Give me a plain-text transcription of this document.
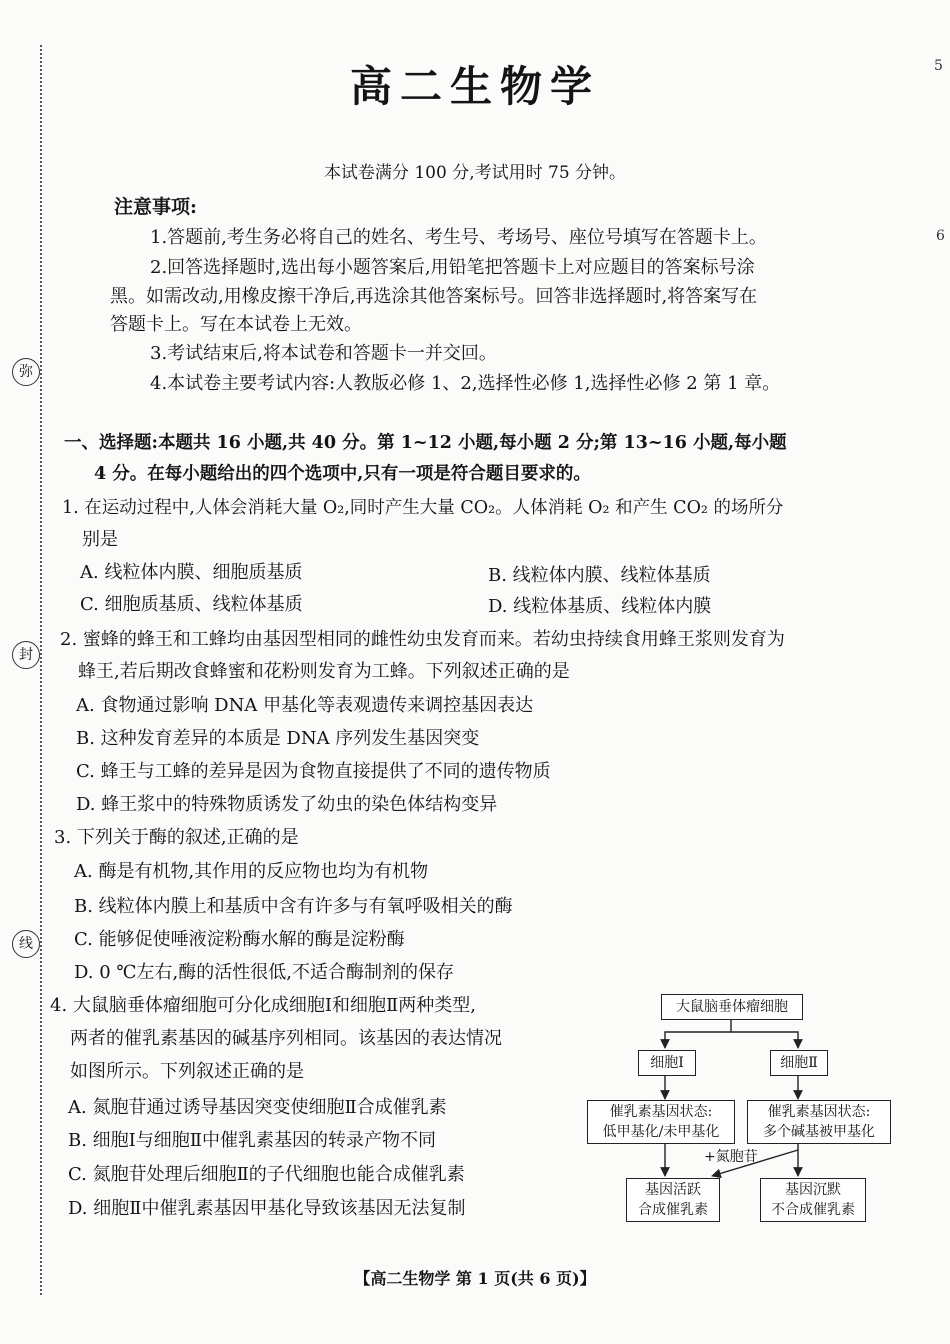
弥
封
线
5
6
高二生物学
本试卷满分 100 分,考试用时 75 分钟。
注意事项:
1.答题前,考生务必将自己的姓名、考生号、考场号、座位号填写在答题卡上。
2.回答选择题时,选出每小题答案后,用铅笔把答题卡上对应题目的答案标号涂
黑。如需改动,用橡皮擦干净后,再选涂其他答案标号。回答非选择题时,将答案写在
答题卡上。写在本试卷上无效。
3.考试结束后,将本试卷和答题卡一并交回。
4.本试卷主要考试内容:人教版必修 1、2,选择性必修 1,选择性必修 2 第 1 章。
一、选择题:本题共 16 小题,共 40 分。第 1~12 小题,每小题 2 分;第 13~16 小题,每小题
4 分。在每小题给出的四个选项中,只有一项是符合题目要求的。
1. 在运动过程中,人体会消耗大量 O₂,同时产生大量 CO₂。人体消耗 O₂ 和产生 CO₂ 的场所分
别是
A. 线粒体内膜、细胞质基质	B. 线粒体内膜、线粒体基质
C. 细胞质基质、线粒体基质	D. 线粒体基质、线粒体内膜
2. 蜜蜂的蜂王和工蜂均由基因型相同的雌性幼虫发育而来。若幼虫持续食用蜂王浆则发育为
蜂王,若后期改食蜂蜜和花粉则发育为工蜂。下列叙述正确的是
A. 食物通过影响 DNA 甲基化等表观遗传来调控基因表达
B. 这种发育差异的本质是 DNA 序列发生基因突变
C. 蜂王与工蜂的差异是因为食物直接提供了不同的遗传物质
D. 蜂王浆中的特殊物质诱发了幼虫的染色体结构变异
3. 下列关于酶的叙述,正确的是
A. 酶是有机物,其作用的反应物也均为有机物
B. 线粒体内膜上和基质中含有许多与有氧呼吸相关的酶
C. 能够促使唾液淀粉酶水解的酶是淀粉酶
D. 0 ℃左右,酶的活性很低,不适合酶制剂的保存
4. 大鼠脑垂体瘤细胞可分化成细胞Ⅰ和细胞Ⅱ两种类型,
两者的催乳素基因的碱基序列相同。该基因的表达情况
如图所示。下列叙述正确的是
A. 氮胞苷通过诱导基因突变使细胞Ⅱ合成催乳素
B. 细胞Ⅰ与细胞Ⅱ中催乳素基因的转录产物不同
C. 氮胞苷处理后细胞Ⅱ的子代细胞也能合成催乳素
D. 细胞Ⅱ中催乳素基因甲基化导致该基因无法复制
大鼠脑垂体瘤细胞
细胞Ⅰ	细胞Ⅱ
催乳素基因状态:
低甲基化/未甲基化
催乳素基因状态:
多个碱基被甲基化
+氮胞苷
基因活跃
合成催乳素
基因沉默
不合成催乳素
【高二生物学 第 1 页(共 6 页)】
